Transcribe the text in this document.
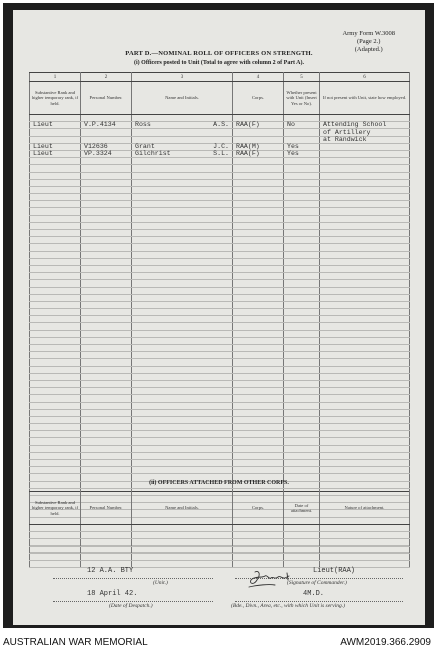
Army Form W.3008
(Page 2.)
(Adapted.)
PART D.—NOMINAL ROLL OF OFFICERS ON STRENGTH.
(i) Officers posted to Unit (Total to agree with column 2 of Part A).
1	2	3	4	5	6
Substantive Rank and higher temporary rank, if held.	Personal Number.	Name and Initials.	Corps.	Whether present with Unit (Insert Yes or No).	If not present with Unit, state how employed.

Lieut	V.P.4134	Ross A.S.	RAA(F)	No	Attending School
					of Artillery
					at Randwick
Lieut	V12636	Grant J.C.	RAA(M)	Yes	
Lieut	VP.3324	Gilchrist S.L.	RAA(F)	Yes	

(ii) OFFICERS ATTACHED FROM OTHER CORPS.
Substantive Rank and higher temporary rank, if held.	Personal Number.	Name and Initials.	Corps.	Date of attachment.	Nature of attachment.

12 A.A. BTY
(Unit.)
18 April 42.
(Date of Despatch.)
Lieut(RAA)
(Signature of Commander.)
4M.D.
(Bde., Divn., Area, etc., with which Unit is serving.)
AUSTRALIAN WAR MEMORIAL	AWM2019.366.2909
